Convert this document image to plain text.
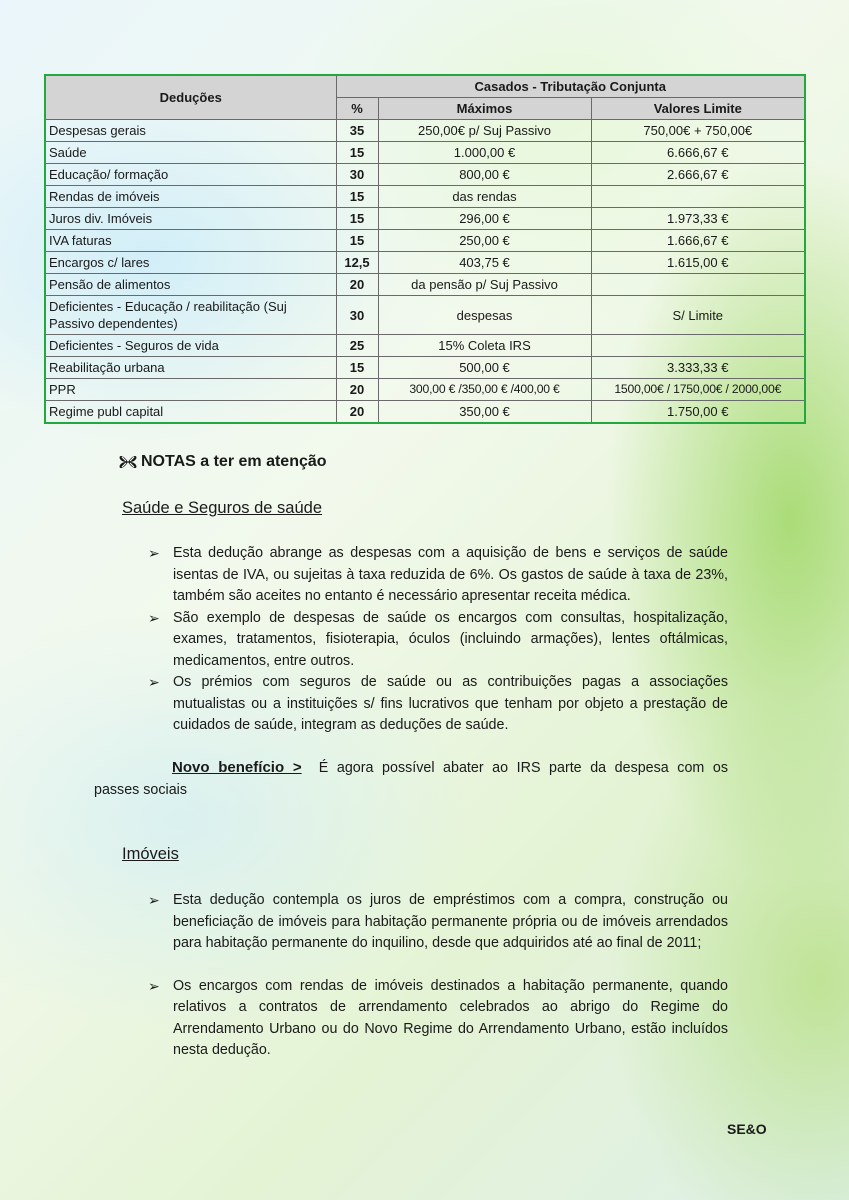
Deduções	Casados - Tributação Conjunta		
	%	Máximos	Valores Limite
Despesas gerais	35	250,00€ p/ Suj Passivo	750,00€ + 750,00€
Saúde	15	1.000,00 €	6.666,67 €
Educação/ formação	30	800,00 €	2.666,67 €
Rendas de imóveis	15	das rendas	
Juros div. Imóveis	15	296,00 €	1.973,33 €
IVA faturas	15	250,00 €	1.666,67 €
Encargos c/ lares	12,5	403,75 €	1.615,00 €
Pensão de alimentos	20	da pensão p/ Suj Passivo	
Deficientes - Educação / reabilitação (Suj Passivo dependentes)	30	despesas	S/ Limite
Deficientes - Seguros de vida	25	15% Coleta IRS	
Reabilitação urbana	15	500,00 €	3.333,33 €
PPR	20	300,00 € /350,00 € /400,00 €	1500,00€ / 1750,00€ / 2000,00€
Regime publ capital	20	350,00 €	1.750,00 €
NOTAS a ter em atenção
Saúde e Seguros de saúde
➢ Esta dedução abrange as despesas com a aquisição de bens e serviços de saúde isentas de IVA, ou sujeitas à taxa reduzida de 6%. Os gastos de saúde à taxa de 23%, também são aceites no entanto é necessário apresentar receita médica.
➢ São exemplo de despesas de saúde os encargos com consultas, hospitalização, exames, tratamentos, fisioterapia, óculos (incluindo armações), lentes oftálmicas, medicamentos, entre outros.
➢ Os prémios com seguros de saúde ou as contribuições pagas a associações mutualistas ou a instituições s/ fins lucrativos que tenham por objeto a prestação de cuidados de saúde, integram as deduções de saúde.
Novo benefício > É agora possível abater ao IRS parte da despesa com os
passes sociais
Imóveis
➢ Esta dedução contempla os juros de empréstimos com a compra, construção ou beneficiação de imóveis para habitação permanente própria ou de imóveis arrendados para habitação permanente do inquilino, desde que adquiridos até ao final de 2011;
➢ Os encargos com rendas de imóveis destinados a habitação permanente, quando relativos a contratos de arrendamento celebrados ao abrigo do Regime do Arrendamento Urbano ou do Novo Regime do Arrendamento Urbano, estão incluídos nesta dedução.
SE&O
